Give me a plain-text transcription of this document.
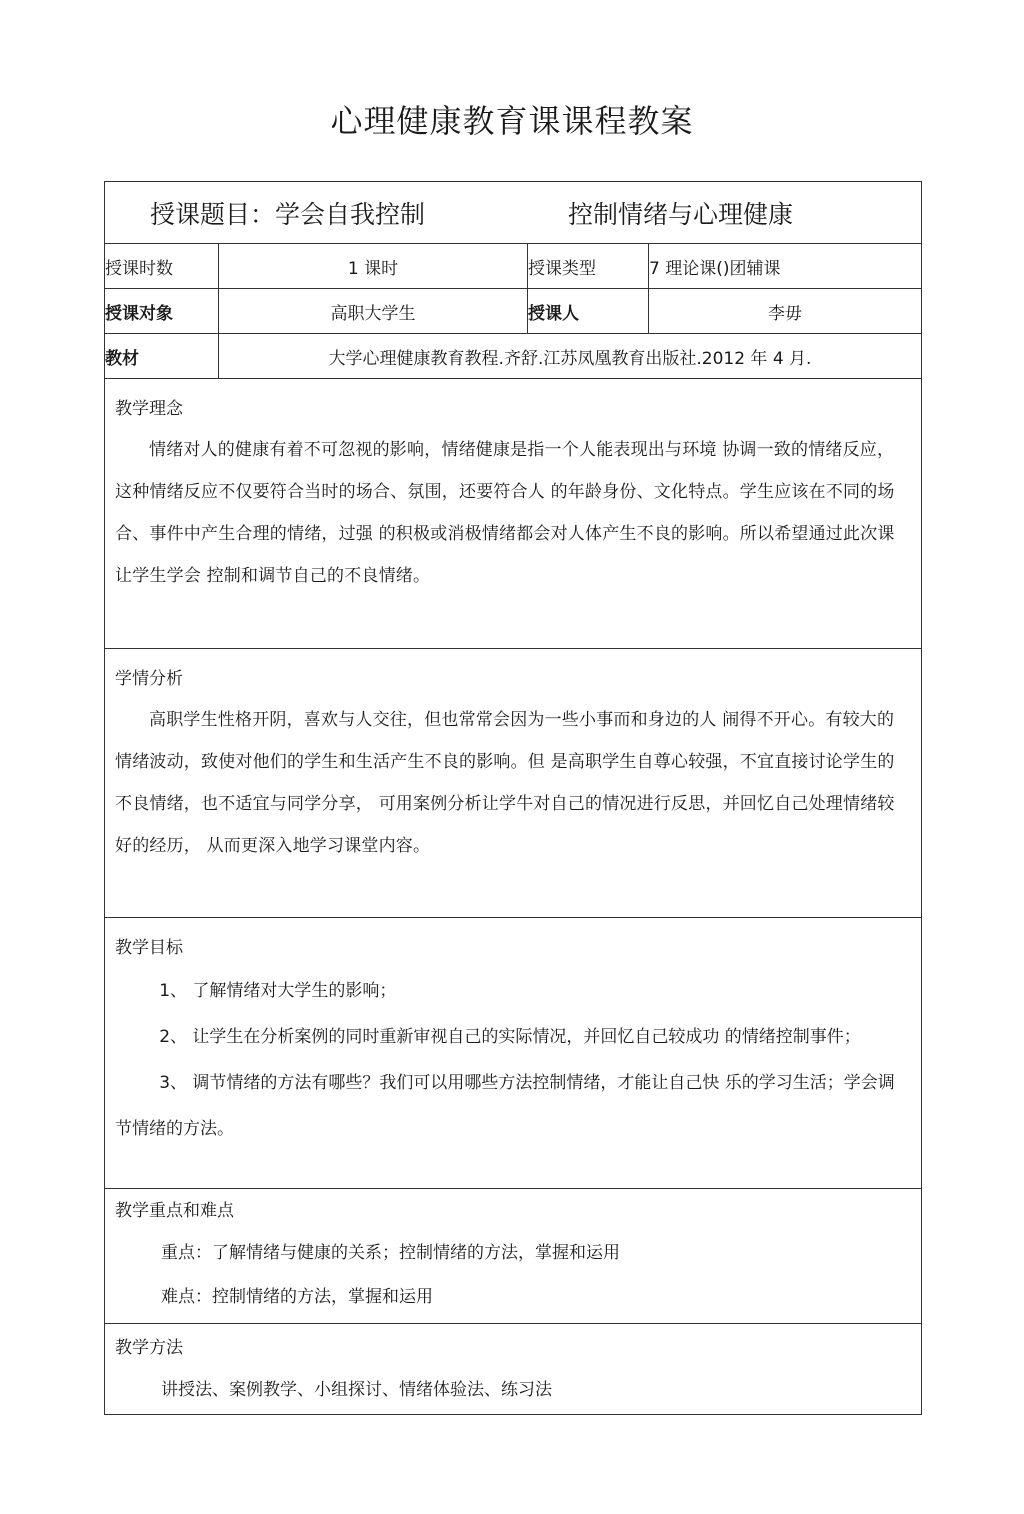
心理健康教育课课程教案
授课题目：学会自我控制 控制情绪与心理健康			

授课时数	1 课时	授课类型	7 理论课()团辅课
授课对象	高职大学生	授课人	李毋
教材	大学心理健康教育教程.齐舒.江苏凤凰教育出版社.2012 年 4 月.		

教学理念

情绪对人的健康有着不可忽视的影响，情绪健康是指一个人能表现出与环境 协调一致的情绪反应，这种情绪反应不仅要符合当时的场合、氛围，还要符合人 的年龄身份、文化特点。学生应该在不同的场合、事件中产生合理的情绪，过强 的积极或消极情绪都会对人体产生不良的影响。所以希望通过此次课让学生学会 控制和调节自己的不良情绪。			

学情分析

高职学生性格开阴，喜欢与人交往，但也常常会因为一些小事而和身边的人 闹得不开心。有较大的情绪波动，致使对他们的学生和生活产生不良的影响。但 是高职学生自尊心较强，不宜直接讨论学生的不良情绪，也不适宜与同学分享， 可用案例分析让学牛对自己的情况进行反思，并回忆自己处理情绪较好的经历， 从而更深入地学习课堂内容。			

教学目标

1、 了解情绪对大学生的影响；

2、 让学生在分析案例的同时重新审视自己的实际情况，并回忆自己较成功 的情绪控制事件；

3、 调节情绪的方法有哪些？我们可以用哪些方法控制情绪，才能让自己快 乐的学习生活；学会调节情绪的方法。			

教学重点和难点

重点：了解情绪与健康的关系；控制情绪的方法，掌握和运用

难点：控制情绪的方法，掌握和运用			

教学方法

讲授法、案例教学、小组探讨、情绪体验法、练习法			
